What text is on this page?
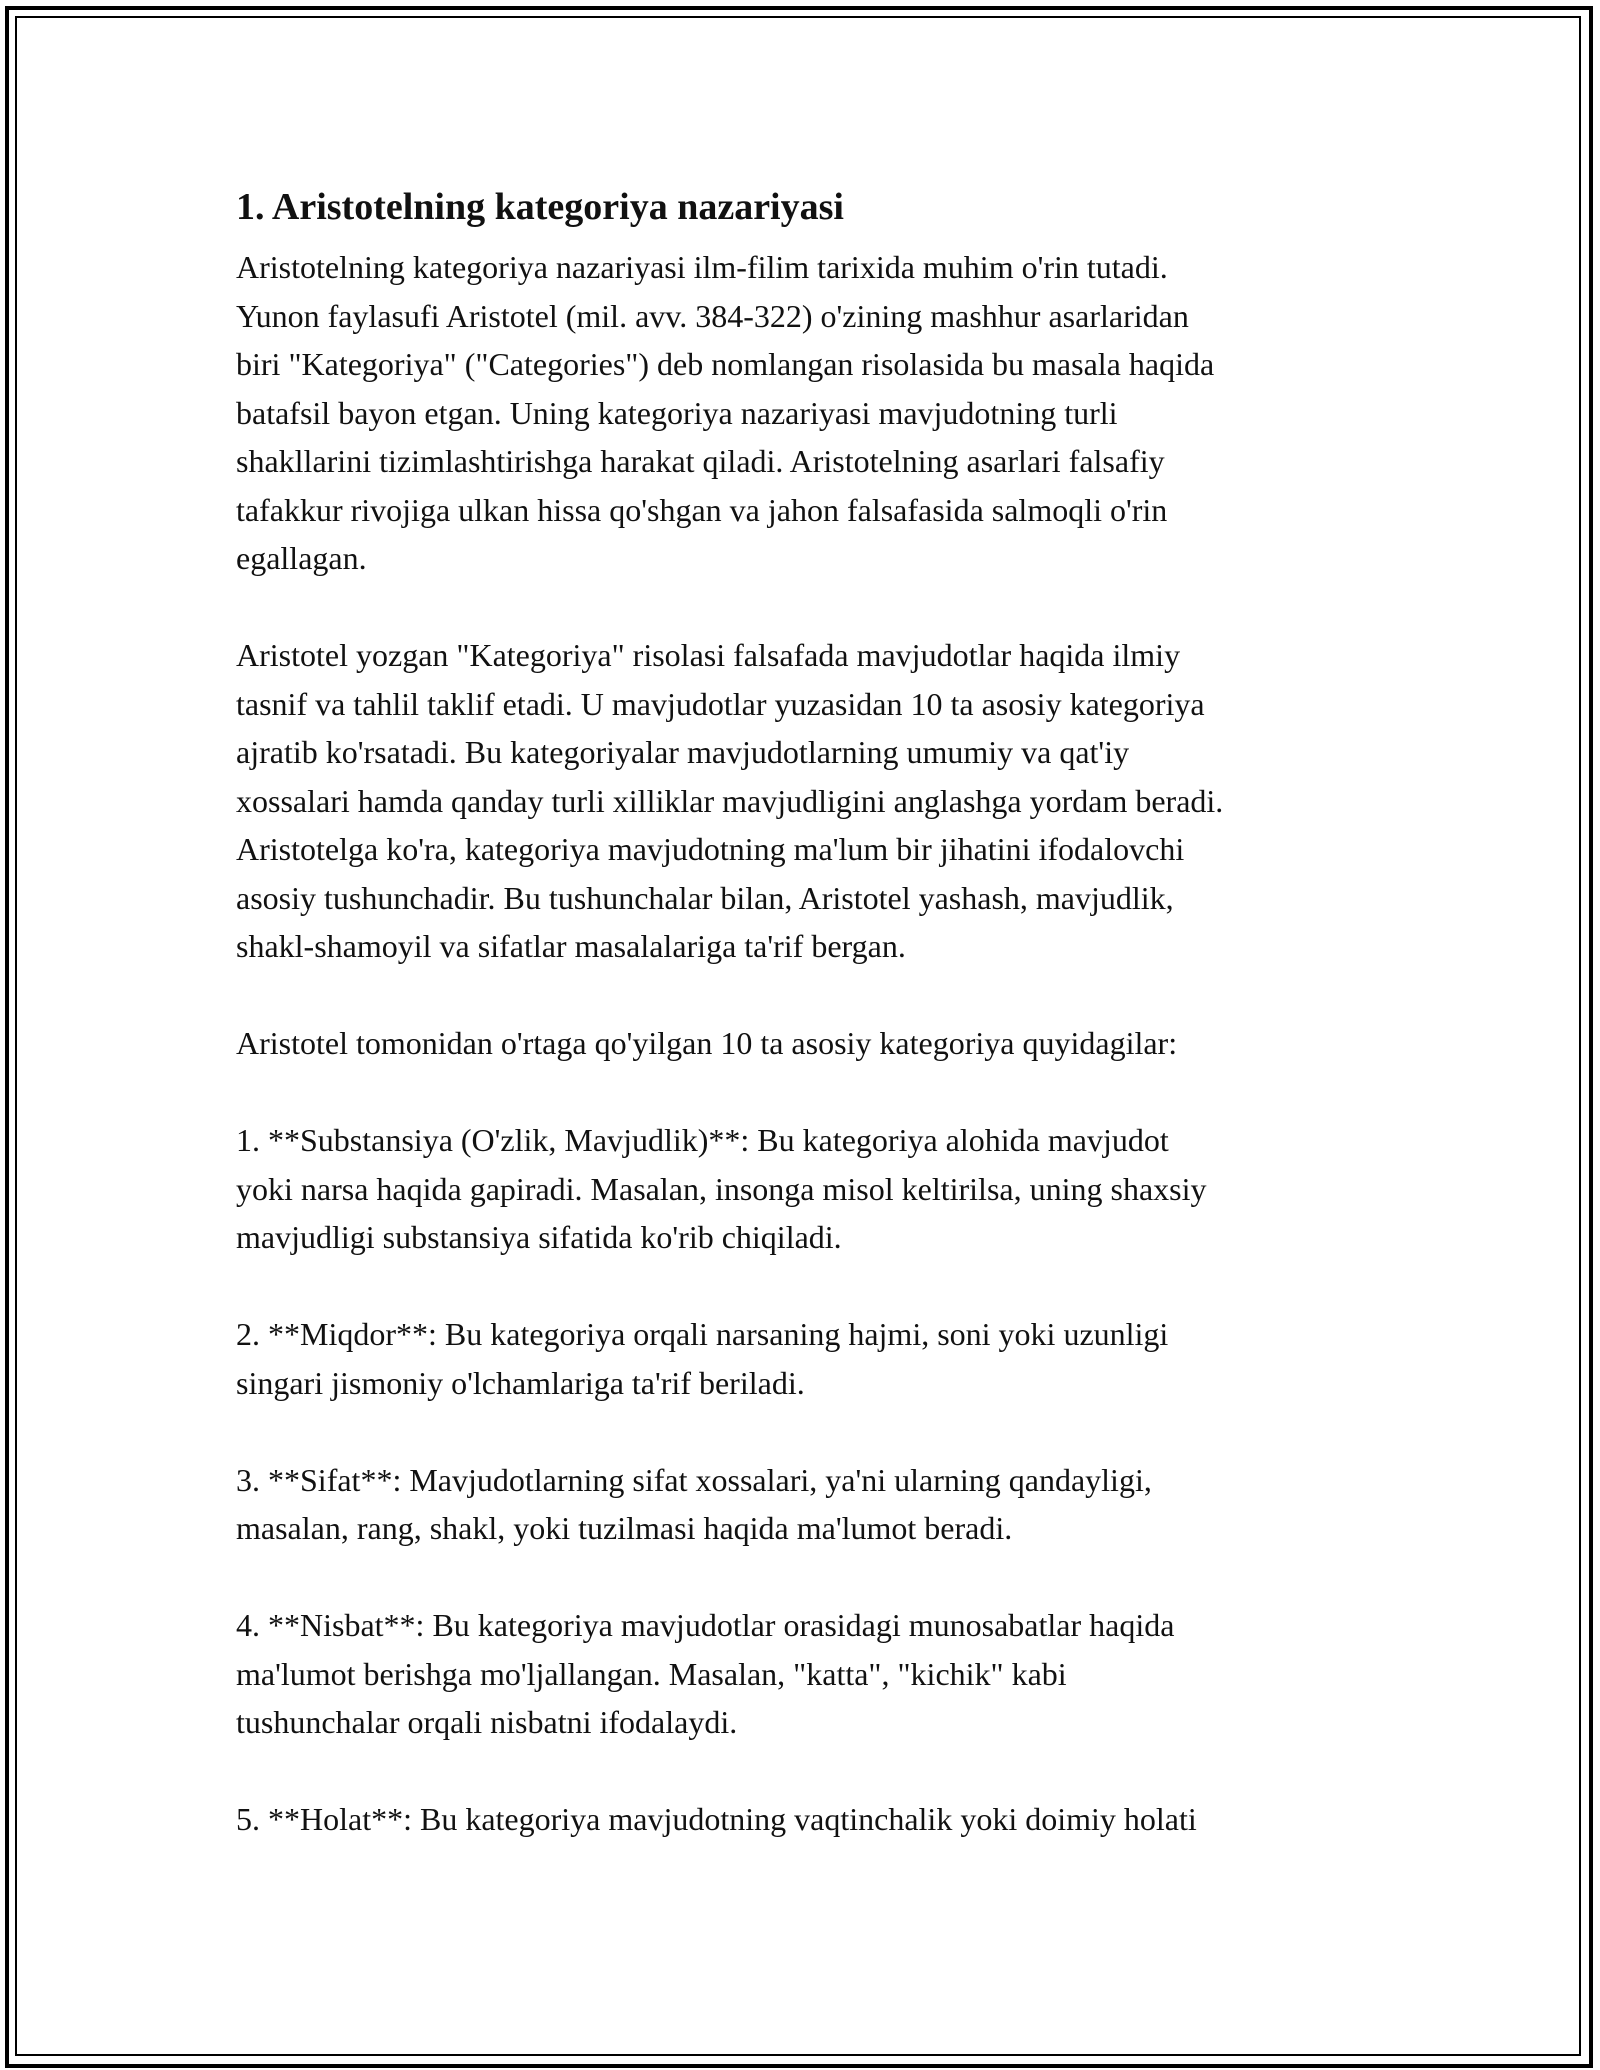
1. Aristotelning kategoriya nazariyasi
Aristotelning kategoriya nazariyasi ilm-filim tarixida muhim o'rin tutadi.
Yunon faylasufi Aristotel (mil. avv. 384-322) o'zining mashhur asarlaridan
biri "Kategoriya" ("Categories") deb nomlangan risolasida bu masala haqida
batafsil bayon etgan. Uning kategoriya nazariyasi mavjudotning turli
shakllarini tizimlashtirishga harakat qiladi. Aristotelning asarlari falsafiy
tafakkur rivojiga ulkan hissa qo'shgan va jahon falsafasida salmoqli o'rin
egallagan.

Aristotel yozgan "Kategoriya" risolasi falsafada mavjudotlar haqida ilmiy
tasnif va tahlil taklif etadi. U mavjudotlar yuzasidan 10 ta asosiy kategoriya
ajratib ko'rsatadi. Bu kategoriyalar mavjudotlarning umumiy va qat'iy
xossalari hamda qanday turli xilliklar mavjudligini anglashga yordam beradi.
Aristotelga ko'ra, kategoriya mavjudotning ma'lum bir jihatini ifodalovchi
asosiy tushunchadir. Bu tushunchalar bilan, Aristotel yashash, mavjudlik,
shakl-shamoyil va sifatlar masalalariga ta'rif bergan.

Aristotel tomonidan o'rtaga qo'yilgan 10 ta asosiy kategoriya quyidagilar:

1. **Substansiya (O'zlik, Mavjudlik)**: Bu kategoriya alohida mavjudot
yoki narsa haqida gapiradi. Masalan, insonga misol keltirilsa, uning shaxsiy
mavjudligi substansiya sifatida ko'rib chiqiladi.

2. **Miqdor**: Bu kategoriya orqali narsaning hajmi, soni yoki uzunligi
singari jismoniy o'lchamlariga ta'rif beriladi.

3. **Sifat**: Mavjudotlarning sifat xossalari, ya'ni ularning qandayligi,
masalan, rang, shakl, yoki tuzilmasi haqida ma'lumot beradi.

4. **Nisbat**: Bu kategoriya mavjudotlar orasidagi munosabatlar haqida
ma'lumot berishga mo'ljallangan. Masalan, "katta", "kichik" kabi
tushunchalar orqali nisbatni ifodalaydi.

5. **Holat**: Bu kategoriya mavjudotning vaqtinchalik yoki doimiy holati
